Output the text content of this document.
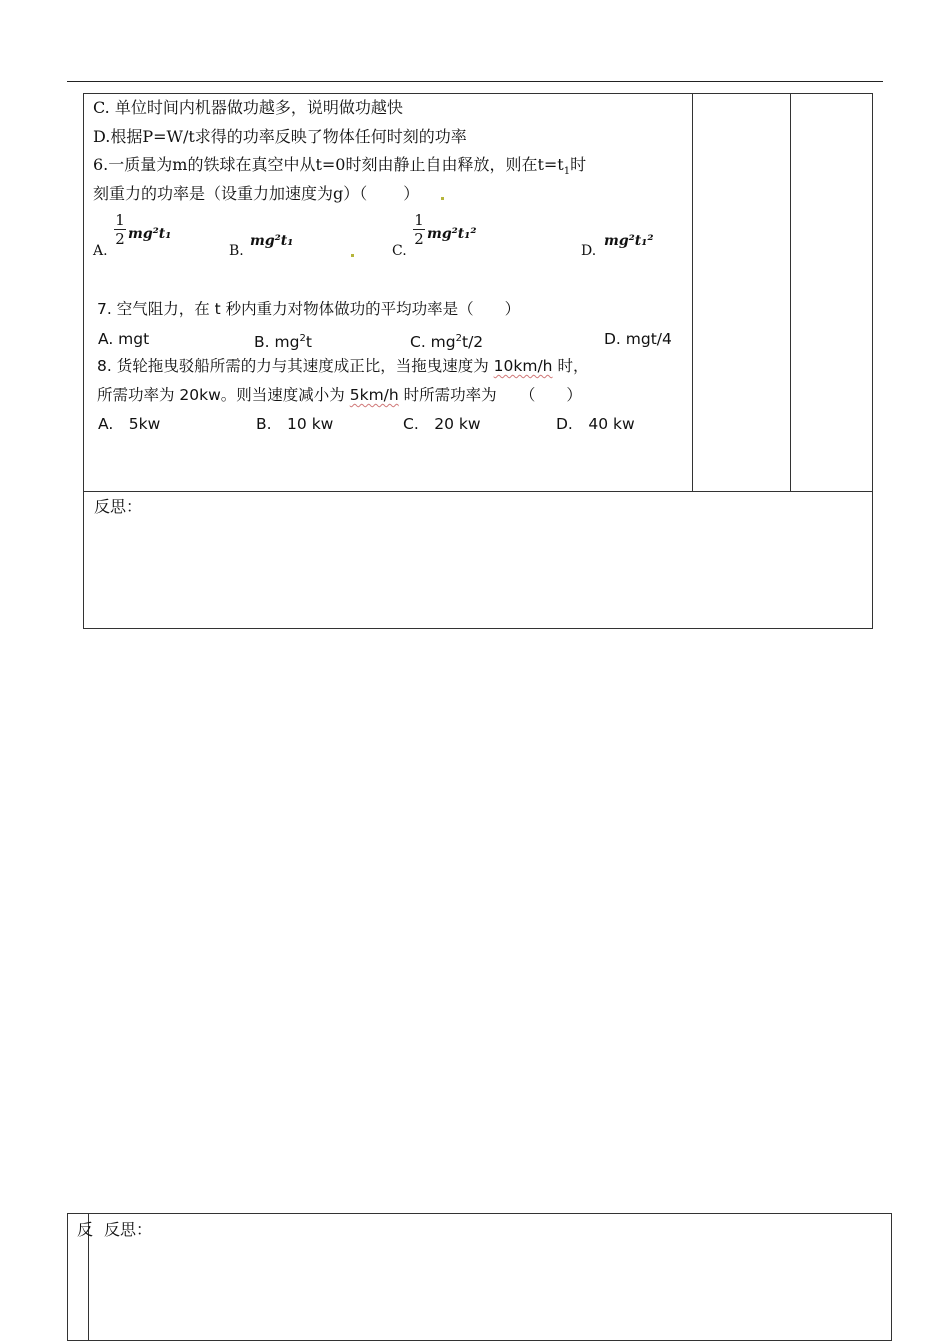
C. 单位时间内机器做功越多，说明做功越快
D.根据P=W/t求得的功率反映了物体任何时刻的功率
6.一质量为m的铁球在真空中从t=0时刻由静止自由释放，则在$t=t_1$时
刻重力的功率是（设重力加速度为g）（ ）
A.
1
2 mg²t₁
B.
mg²t₁
C.
1
2 mg²t₁²
D.
mg²t₁²
7. 空气阻力，在 t 秒内重力对物体做功的平均功率是（　　）
A. mgt	B. $mg^2t$	C. $mg^2t/2$	D. mgt/4
8. 货轮拖曳驳船所需的力与其速度成正比，当拖曳速度为 10km/h 时，
所需功率为 20kw。则当速度减小为 5km/h 时所需功率为　　（　　）
A.　5kw	B.　10 kw	C.　20 kw	D.　40 kw
反思：
反 反思：
